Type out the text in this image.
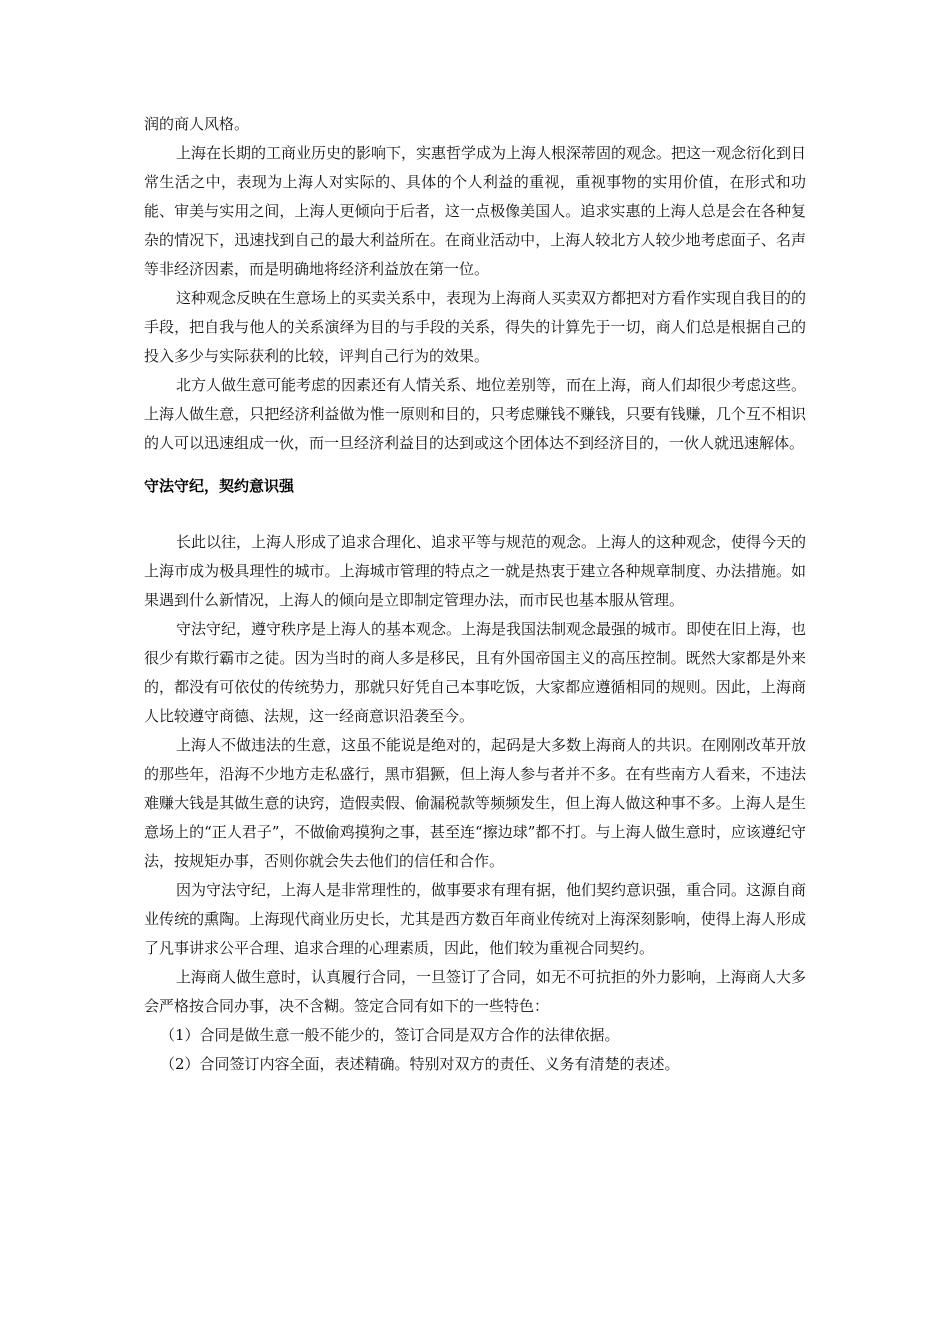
润的商人风格。

上海在长期的工商业历史的影响下，实惠哲学成为上海人根深蒂固的观念。把这一观念衍化到日常生活之中，表现为上海人对实际的、具体的个人利益的重视，重视事物的实用价值，在形式和功能、审美与实用之间，上海人更倾向于后者，这一点极像美国人。追求实惠的上海人总是会在各种复杂的情况下，迅速找到自己的最大利益所在。在商业活动中，上海人较北方人较少地考虑面子、名声等非经济因素，而是明确地将经济利益放在第一位。

这种观念反映在生意场上的买卖关系中，表现为上海商人买卖双方都把对方看作实现自我目的的手段，把自我与他人的关系演绎为目的与手段的关系，得失的计算先于一切，商人们总是根据自己的投入多少与实际获利的比较，评判自己行为的效果。

北方人做生意可能考虑的因素还有人情关系、地位差别等，而在上海，商人们却很少考虑这些。上海人做生意，只把经济利益做为惟一原则和目的，只考虑赚钱不赚钱，只要有钱赚，几个互不相识的人可以迅速组成一伙，而一旦经济利益目的达到或这个团体达不到经济目的，一伙人就迅速解体。

守法守纪，契约意识强

长此以往，上海人形成了追求合理化、追求平等与规范的观念。上海人的这种观念，使得今天的上海市成为极具理性的城市。上海城市管理的特点之一就是热衷于建立各种规章制度、办法措施。如果遇到什么新情况，上海人的倾向是立即制定管理办法，而市民也基本服从管理。

守法守纪，遵守秩序是上海人的基本观念。上海是我国法制观念最强的城市。即使在旧上海，也很少有欺行霸市之徒。因为当时的商人多是移民，且有外国帝国主义的高压控制。既然大家都是外来的，都没有可依仗的传统势力，那就只好凭自己本事吃饭，大家都应遵循相同的规则。因此，上海商人比较遵守商德、法规，这一经商意识沿袭至今。

上海人不做违法的生意，这虽不能说是绝对的，起码是大多数上海商人的共识。在刚刚改革开放的那些年，沿海不少地方走私盛行，黑市猖獗，但上海人参与者并不多。在有些南方人看来，不违法难赚大钱是其做生意的诀窍，造假卖假、偷漏税款等频频发生，但上海人做这种事不多。上海人是生意场上的“正人君子”，不做偷鸡摸狗之事，甚至连“擦边球”都不打。与上海人做生意时，应该遵纪守法，按规矩办事，否则你就会失去他们的信任和合作。

因为守法守纪，上海人是非常理性的，做事要求有理有据，他们契约意识强，重合同。这源自商业传统的熏陶。上海现代商业历史长，尤其是西方数百年商业传统对上海深刻影响，使得上海人形成了凡事讲求公平合理、追求合理的心理素质，因此，他们较为重视合同契约。

上海商人做生意时，认真履行合同，一旦签订了合同，如无不可抗拒的外力影响，上海商人大多会严格按合同办事，决不含糊。签定合同有如下的一些特色：

（1）合同是做生意一般不能少的，签订合同是双方合作的法律依据。

（2）合同签订内容全面，表述精确。特别对双方的责任、义务有清楚的表述。
